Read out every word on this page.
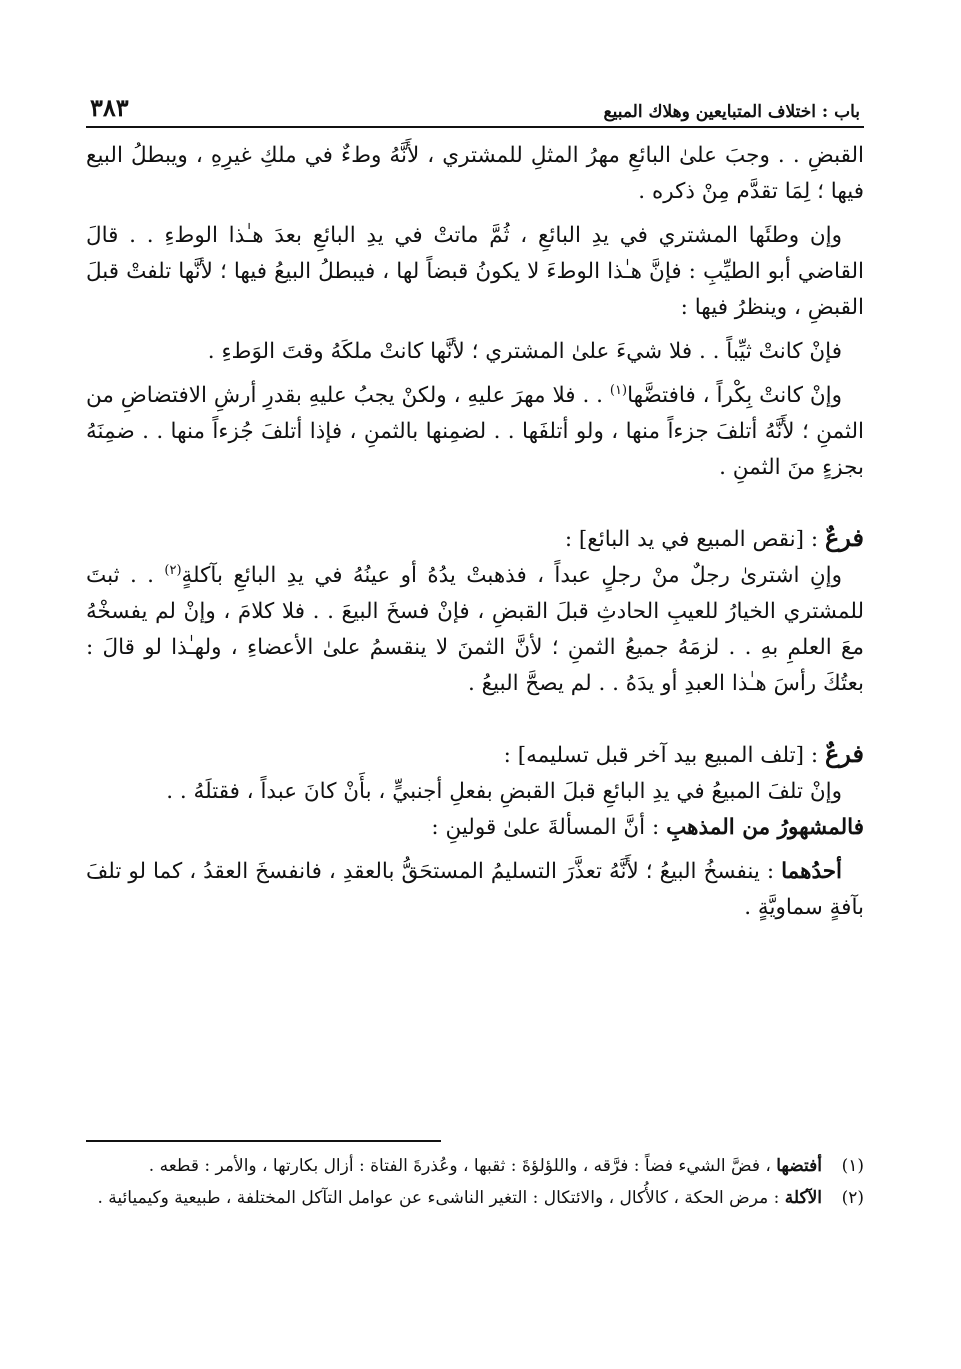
باب : اختلاف المتبايعين وهلاك المبيع
٣٨٣

القبضِ . . وجبَ علىٰ البائعِ مهرُ المثلِ للمشتري ، لأَنَّهُ وطءٌ في ملكِ غيرِهِ ، ويبطلُ البيع فيها ؛ لِمَا تقدَّم مِنْ ذكره .

وإن وطئَها المشتري في يدِ البائعِ ، ثُمَّ ماتتْ في يدِ البائعِ بعدَ هـٰذا الوطءِ . . قالَ القاضي أبو الطيِّبِ : فإنَّ هـٰذا الوطءَ لا يكونُ قبضاً لها ، فيبطلُ البيعُ فيها ؛ لأنَّها تلفتْ قبلَ القبضِ ، وينظرُ فيها :

فإنْ كانتْ ثيِّباً . . فلا شيءَ علىٰ المشتري ؛ لأنَّها كانتْ ملكَهُ وقتَ الوَطءِ .

وإنْ كانتْ بِكْراً ، فافتضَّها$^{(١)}$ . . فلا مهرَ عليهِ ، ولكنْ يجبُ عليهِ بقدرِ أرشِ الافتضاضِ من الثمنِ ؛ لأَنَّهُ أتلفَ جزءاً منها ، ولو أتلفَها . . لضمِنها بالثمنِ ، فإذا أتلفَ جُزءاً منها . . ضمِنَهُ بجزءٍ منَ الثمنِ .

فرعٌ : [نقص المبيع في يد البائع] :

وإنِ اشترىٰ رجلٌ منْ رجلٍ عبداً ، فذهبتْ يدُهُ أو عينُهُ في يدِ البائعِ بآكلةٍ$^{(٢)}$ . . ثبتَ للمشتري الخيارُ للعيبِ الحادثِ قبلَ القبضِ ، فإنْ فسخَ البيعَ . . فلا كلامَ ، وإنْ لم يفسخْهُ معَ العلمِ بهِ . . لزمَهُ جميعُ الثمنِ ؛ لأنَّ الثمنَ لا ينقسمُ علىٰ الأعضاءِ ، ولهـٰذا لو قالَ : بعتُكَ رأسَ هـٰذا العبدِ أو يدَهُ . . لم يصحَّ البيعُ .

فرعٌ : [تلف المبيع بيد آخر قبل تسليمه] :

وإنْ تلفَ المبيعُ في يدِ البائعِ قبلَ القبضِ بفعلِ أجنبيٍّ ، بأَنْ كانَ عبداً ، فقتلَهُ . .

فالمشهورُ من المذهبِ : أنَّ المسألةَ علىٰ قولينِ :

أحدُهما : ينفسخُ البيعُ ؛ لأَنَّهُ تعذَّرَ التسليمُ المستحَقُّ بالعقدِ ، فانفسخَ العقدُ ، كما لو تلفَ بآفةٍ سماويَّةٍ .

(١)
أفتضها ، فضَّ الشيء فضاً : فرَّقه ، واللؤلؤةَ : ثقبها ، وعُذرةَ الفتاة : أزال بكارتها ، والأمر : قطعه .
(٢)
الآكلة : مرض الحكة ، كالأُكال ، والائتكال : التغير الناشىء عن عوامل التآكل المختلفة ، طبيعية وكيميائية .
